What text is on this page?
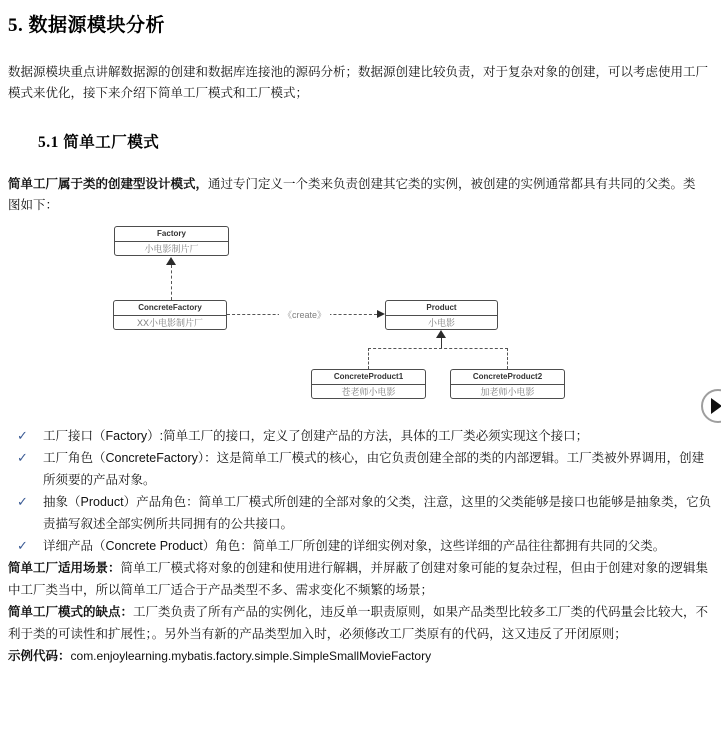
5. 数据源模块分析

数据源模块重点讲解数据源的创建和数据库连接池的源码分析；数据源创建比较负责，对于复杂对象的创建，可以考虑使用工厂模式来优化，接下来介绍下简单工厂模式和工厂模式；

5.1 简单工厂模式

简单工厂属于类的创建型设计模式，通过专门定义一个类来负责创建其它类的实例，被创建的实例通常都具有共同的父类。类图如下：

Factory
小电影制片厂
ConcreteFactory
XX小电影制片厂
《create》
Product
小电影
ConcreteProduct1
苍老师小电影
ConcreteProduct2
加老师小电影
✓	工厂接口（Factory）:简单工厂的接口，定义了创建产品的方法，具体的工厂类必须实现这个接口；
✓	工厂角色（ConcreteFactory）：这是简单工厂模式的核心，由它负责创建全部的类的内部逻辑。工厂类被外界调用，创建所须要的产品对象。
✓	抽象（Product）产品角色：简单工厂模式所创建的全部对象的父类，注意，这里的父类能够是接口也能够是抽象类，它负责描写叙述全部实例所共同拥有的公共接口。
✓	详细产品（Concrete Product）角色：简单工厂所创建的详细实例对象，这些详细的产品往往都拥有共同的父类。

简单工厂适用场景：简单工厂模式将对象的创建和使用进行解耦，并屏蔽了创建对象可能的复杂过程，但由于创建对象的逻辑集中工厂类当中，所以简单工厂适合于产品类型不多、需求变化不频繁的场景；

简单工厂模式的缺点：工厂类负责了所有产品的实例化，违反单一职责原则，如果产品类型比较多工厂类的代码量会比较大，不利于类的可读性和扩展性；。另外当有新的产品类型加入时，必须修改工厂类原有的代码，这又违反了开闭原则；

示例代码：com.enjoylearning.mybatis.factory.simple.SimpleSmallMovieFactory
